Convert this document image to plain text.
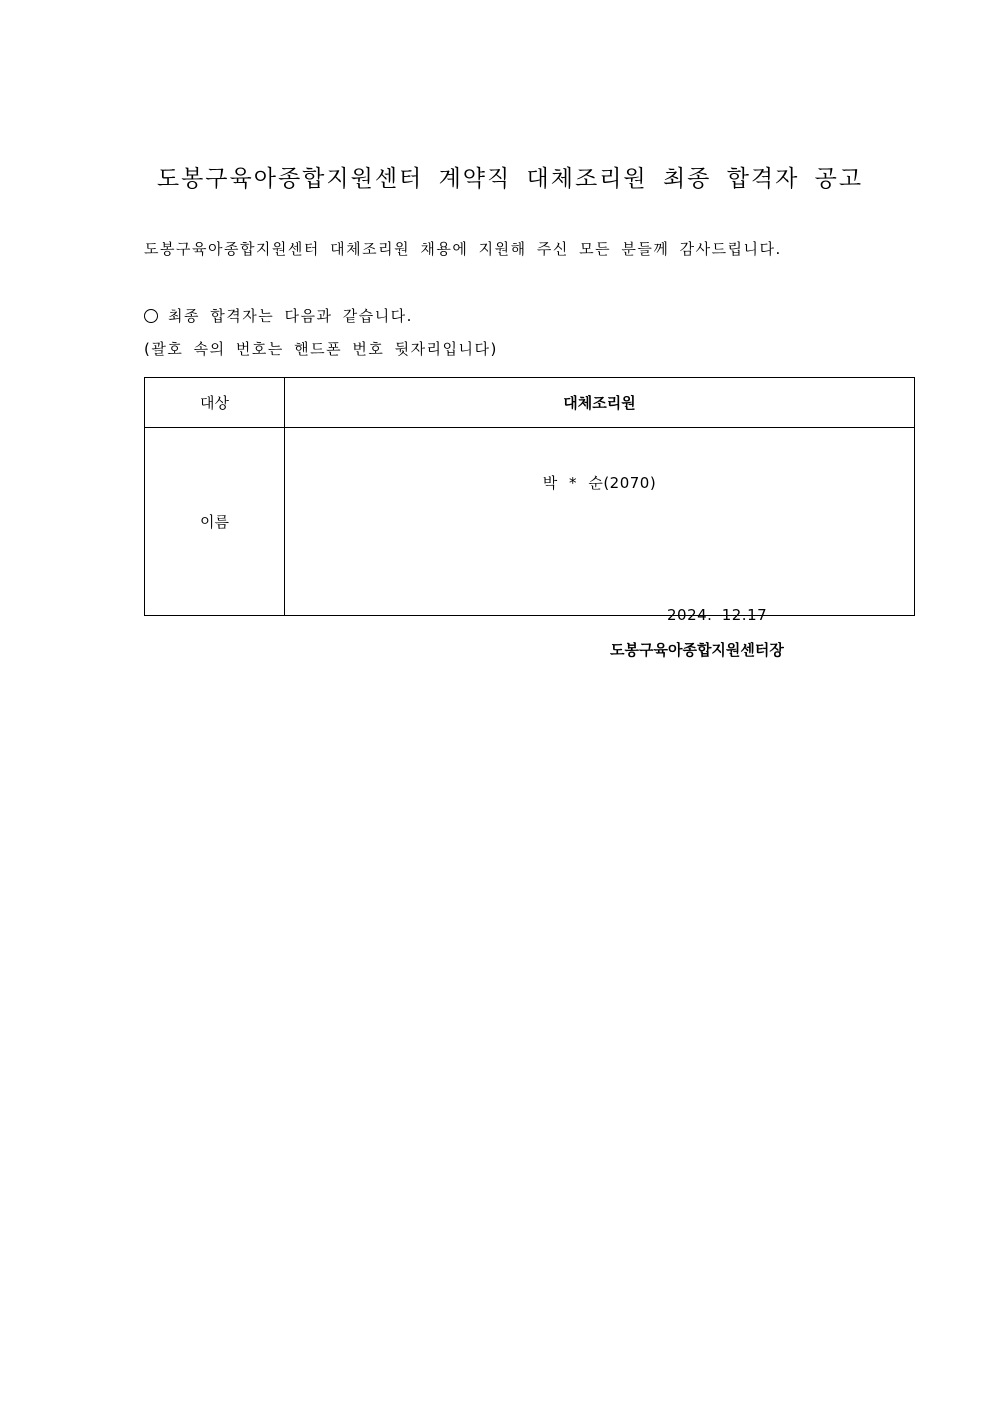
도봉구육아종합지원센터 계약직 대체조리원 최종 합격자 공고
도봉구육아종합지원센터 대체조리원 채용에 지원해 주신 모든 분들께 감사드립니다.
최종 합격자는 다음과 같습니다.
(괄호 속의 번호는 핸드폰 번호 뒷자리입니다)
대상	대체조리원
이름	박 * 순(2070)
2024. 12.17
도봉구육아종합지원센터장
